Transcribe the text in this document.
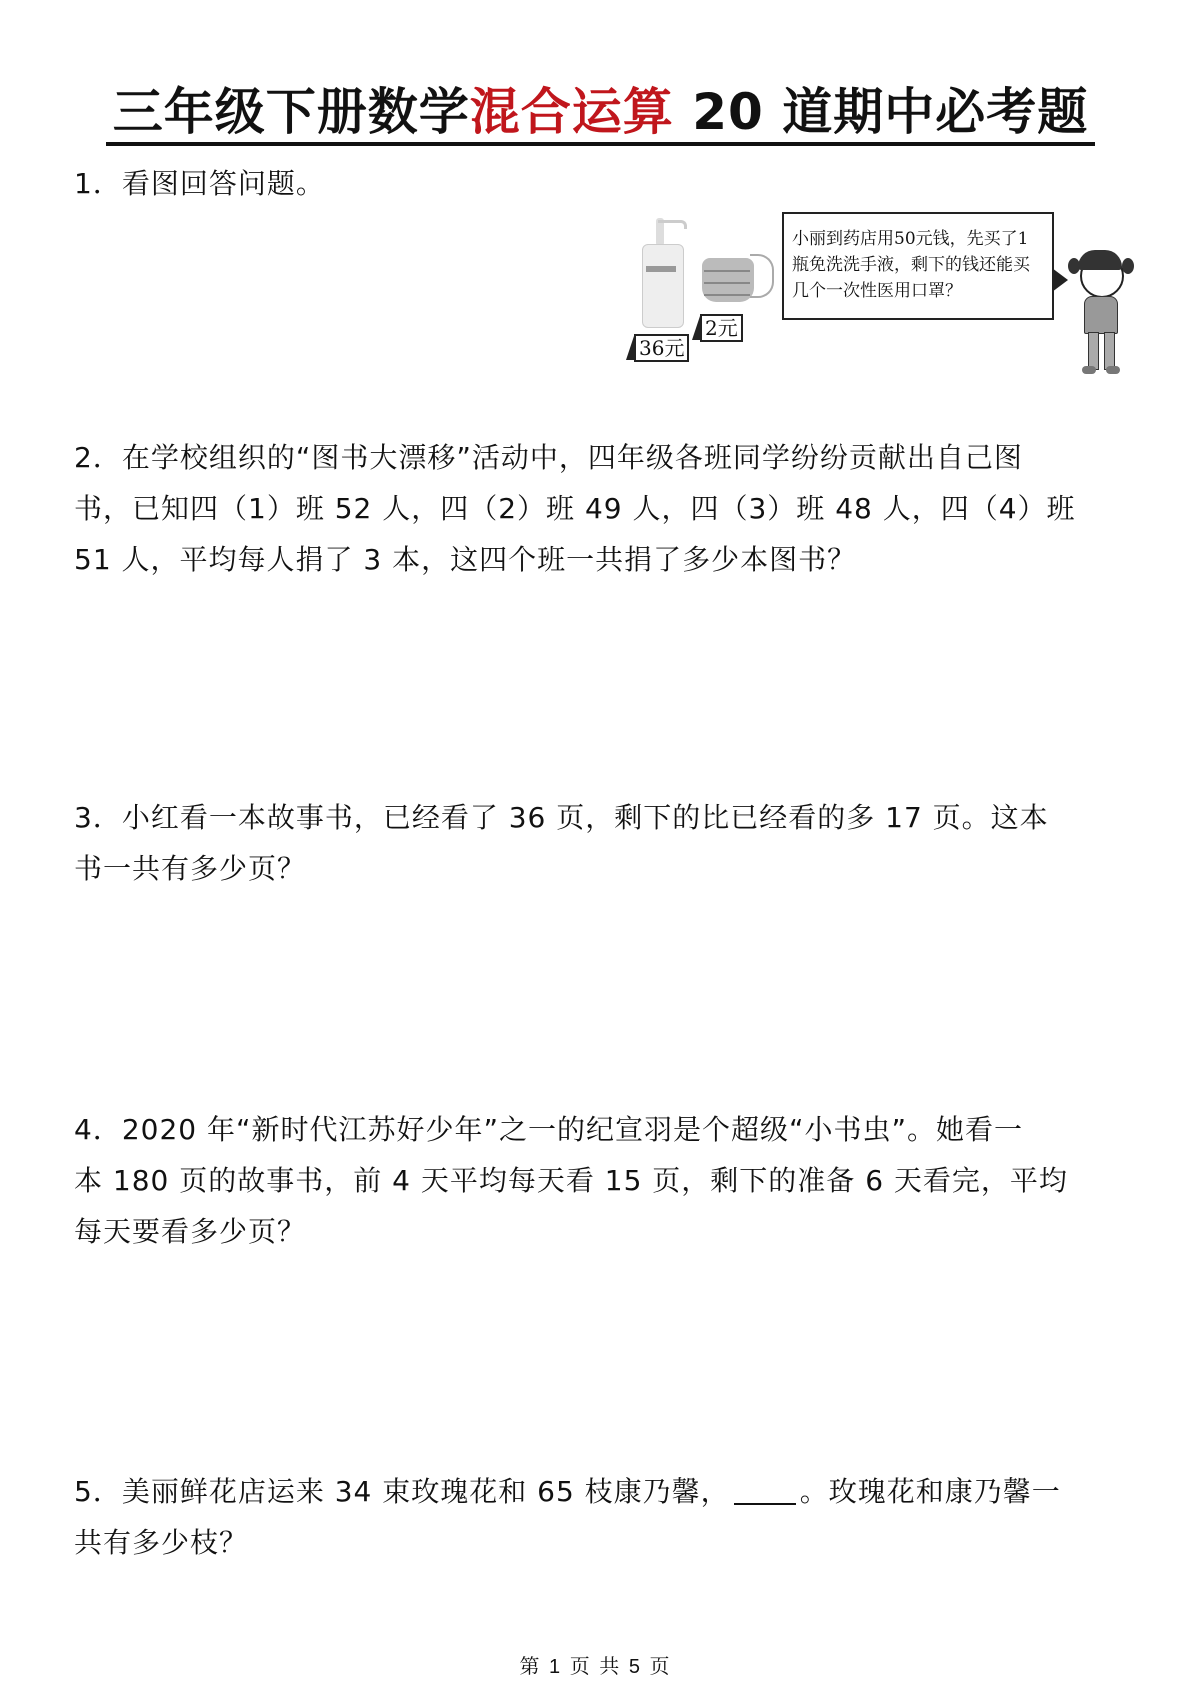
三年级下册数学混合运算 20 道期中必考题
1．看图回答问题。
36元
2元
小丽到药店用50元钱，先买了1
瓶免洗洗手液，剩下的钱还能买
几个一次性医用口罩？
2．在学校组织的“图书大漂移”活动中，四年级各班同学纷纷贡献出自己图
书，已知四（1）班 52 人，四（2）班 49 人，四（3）班 48 人，四（4）班
51 人，平均每人捐了 3 本，这四个班一共捐了多少本图书？
3．小红看一本故事书，已经看了 36 页，剩下的比已经看的多 17 页。这本
书一共有多少页？
4．2020 年“新时代江苏好少年”之一的纪宣羽是个超级“小书虫”。她看一
本 180 页的故事书，前 4 天平均每天看 15 页，剩下的准备 6 天看完，平均
每天要看多少页？
5．美丽鲜花店运来 34 束玫瑰花和 65 枝康乃馨，	。玫瑰花和康乃馨一
共有多少枝？
第 1 页 共 5 页
